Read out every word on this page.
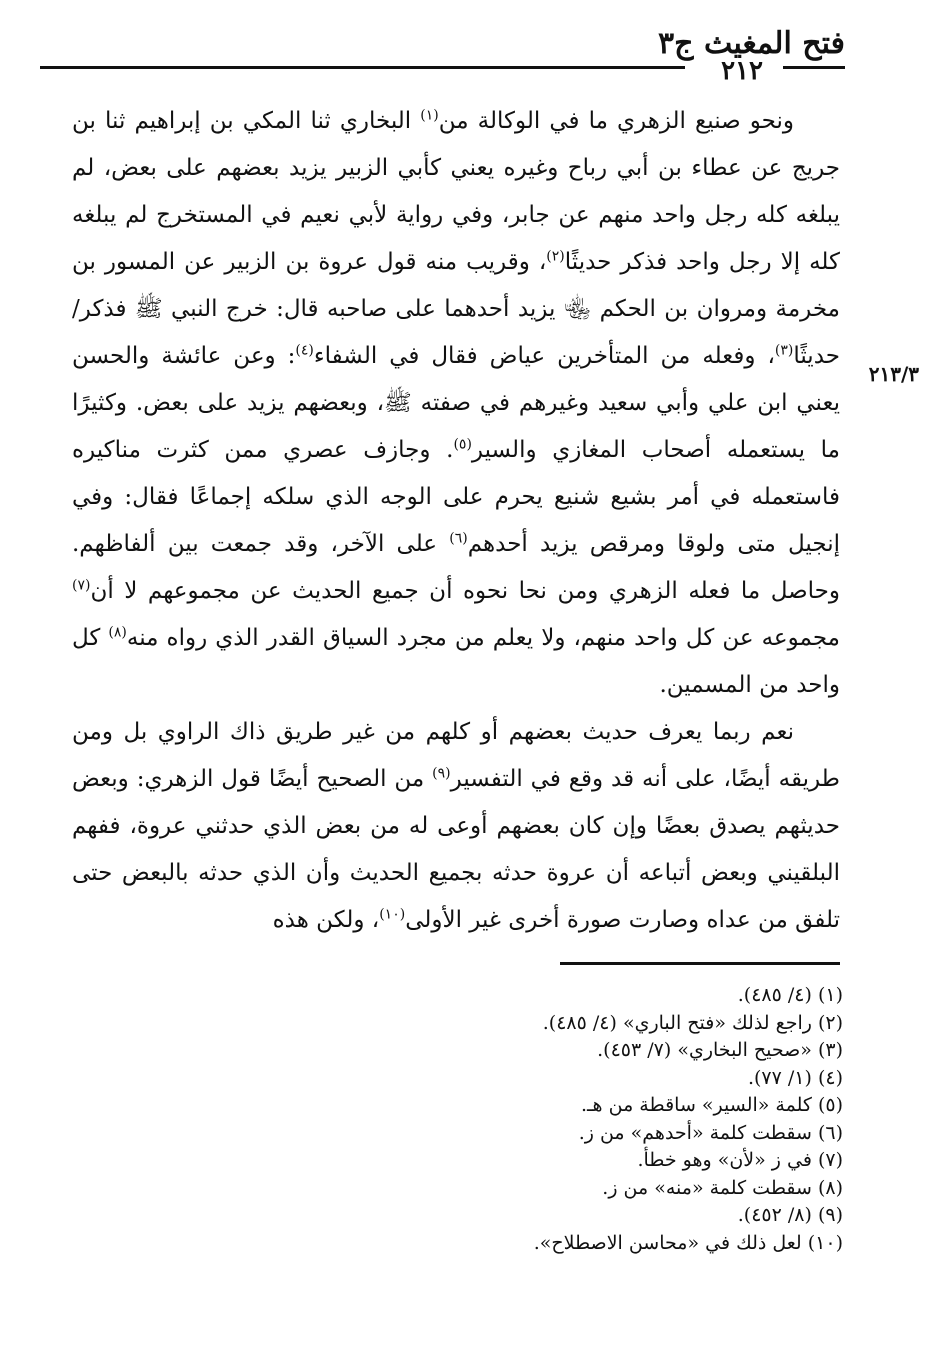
فتح المغيث ج٣
٢١٢
٢١٣/٣

ونحو صنيع الزهري ما في الوكالة من$^{(١)}$ البخاري ثنا المكي بن إبراهيم ثنا بن جريج عن عطاء بن أبي رباح وغيره يعني كأبي الزبير يزيد بعضهم على بعض، لم يبلغه كله رجل واحد منهم عن جابر، وفي رواية لأبي نعيم في المستخرج لم يبلغه كله إلا رجل واحد فذكر حديثًا$^{(٢)}$، وقريب منه قول عروة بن الزبير عن المسور بن مخرمة ومروان بن الحكم ﵄ يزيد أحدهما على صاحبه قال: خرج النبي ﷺ فذكر/ حديثًا$^{(٣)}$، وفعله من المتأخرين عياض فقال في الشفاء$^{(٤)}$: وعن عائشة والحسن يعني ابن علي وأبي سعيد وغيرهم في صفته ﷺ، وبعضهم يزيد على بعض. وكثيرًا ما يستعمله أصحاب المغازي والسير$^{(٥)}$. وجازف عصري ممن كثرت مناكيره فاستعمله في أمر بشيع شنيع يحرم على الوجه الذي سلكه إجماعًا فقال: وفي إنجيل متى ولوقا ومرقص يزيد أحدهم$^{(٦)}$ على الآخر، وقد جمعت بين ألفاظهم. وحاصل ما فعله الزهري ومن نحا نحوه أن جميع الحديث عن مجموعهم لا أن$^{(٧)}$ مجموعه عن كل واحد منهم، ولا يعلم من مجرد السياق القدر الذي رواه منه$^{(٨)}$ كل واحد من المسمين.

نعم ربما يعرف حديث بعضهم أو كلهم من غير طريق ذاك الراوي بل ومن طريقه أيضًا، على أنه قد وقع في التفسير$^{(٩)}$ من الصحيح أيضًا قول الزهري: وبعض حديثهم يصدق بعضًا وإن كان بعضهم أوعى له من بعض الذي حدثني عروة، ففهم البلقيني وبعض أتباعه أن عروة حدثه بجميع الحديث وأن الذي حدثه بالبعض حتى تلفق من عداه وصارت صورة أخرى غير الأولى$^{(١٠)}$، ولكن هذه

(١)(٤/ ٤٨٥).
(٢)راجع لذلك «فتح الباري» (٤/ ٤٨٥).
(٣)«صحيح البخاري» (٧/ ٤٥٣).
(٤)(١/ ٧٧).
(٥)كلمة «السير» ساقطة من هـ.
(٦)سقطت كلمة «أحدهم» من ز.
(٧)في ز «لأن» وهو خطأ.
(٨)سقطت كلمة «منه» من ز.
(٩)(٨/ ٤٥٢).
(١٠)لعل ذلك في «محاسن الاصطلاح».
